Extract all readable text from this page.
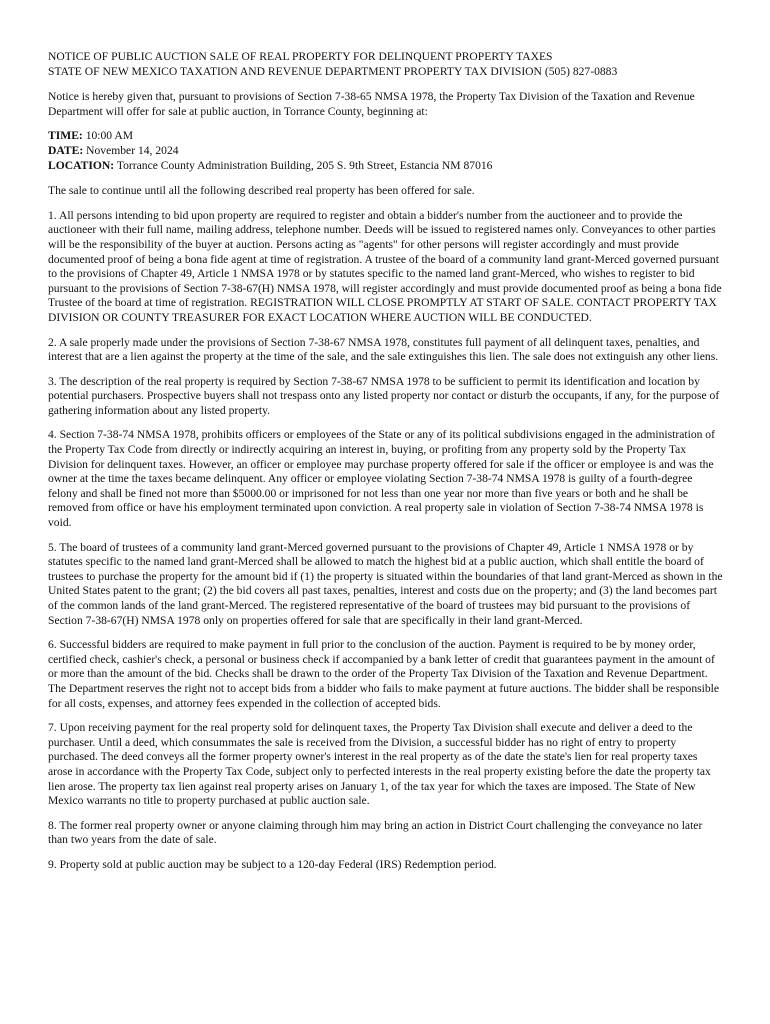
NOTICE OF PUBLIC AUCTION SALE OF REAL PROPERTY FOR DELINQUENT PROPERTY TAXES
STATE OF NEW MEXICO TAXATION AND REVENUE DEPARTMENT PROPERTY TAX DIVISION (505) 827-0883

Notice is hereby given that, pursuant to provisions of Section 7-38-65 NMSA 1978, the Property Tax Division of the Taxation and Revenue Department will offer for sale at public auction, in Torrance County, beginning at:

TIME: 10:00 AM
DATE: November 14, 2024
LOCATION: Torrance County Administration Building, 205 S. 9th Street, Estancia NM 87016

The sale to continue until all the following described real property has been offered for sale.

1. All persons intending to bid upon property are required to register and obtain a bidder's number from the auctioneer and to provide the auctioneer with their full name, mailing address, telephone number. Deeds will be issued to registered names only. Conveyances to other parties will be the responsibility of the buyer at auction. Persons acting as "agents" for other persons will register accordingly and must provide documented proof of being a bona fide agent at time of registration. A trustee of the board of a community land grant-Merced governed pursuant to the provisions of Chapter 49, Article 1 NMSA 1978 or by statutes specific to the named land grant-Merced, who wishes to register to bid pursuant to the provisions of Section 7-38-67(H) NMSA 1978, will register accordingly and must provide documented proof as being a bona fide Trustee of the board at time of registration. REGISTRATION WILL CLOSE PROMPTLY AT START OF SALE. CONTACT PROPERTY TAX DIVISION OR COUNTY TREASURER FOR EXACT LOCATION WHERE AUCTION WILL BE CONDUCTED.

2. A sale properly made under the provisions of Section 7-38-67 NMSA 1978, constitutes full payment of all delinquent taxes, penalties, and interest that are a lien against the property at the time of the sale, and the sale extinguishes this lien. The sale does not extinguish any other liens.

3. The description of the real property is required by Section 7-38-67 NMSA 1978 to be sufficient to permit its identification and location by potential purchasers. Prospective buyers shall not trespass onto any listed property nor contact or disturb the occupants, if any, for the purpose of gathering information about any listed property.

4. Section 7-38-74 NMSA 1978, prohibits officers or employees of the State or any of its political subdivisions engaged in the administration of the Property Tax Code from directly or indirectly acquiring an interest in, buying, or profiting from any property sold by the Property Tax Division for delinquent taxes. However, an officer or employee may purchase property offered for sale if the officer or employee is and was the owner at the time the taxes became delinquent. Any officer or employee violating Section 7-38-74 NMSA 1978 is guilty of a fourth-degree felony and shall be fined not more than $5000.00 or imprisoned for not less than one year nor more than five years or both and he shall be removed from office or have his employment terminated upon conviction. A real property sale in violation of Section 7-38-74 NMSA 1978 is void.

5. The board of trustees of a community land grant-Merced governed pursuant to the provisions of Chapter 49, Article 1 NMSA 1978 or by statutes specific to the named land grant-Merced shall be allowed to match the highest bid at a public auction, which shall entitle the board of trustees to purchase the property for the amount bid if (1) the property is situated within the boundaries of that land grant-Merced as shown in the United States patent to the grant; (2) the bid covers all past taxes, penalties, interest and costs due on the property; and (3) the land becomes part of the common lands of the land grant-Merced. The registered representative of the board of trustees may bid pursuant to the provisions of Section 7-38-67(H) NMSA 1978 only on properties offered for sale that are specifically in their land grant-Merced.

6. Successful bidders are required to make payment in full prior to the conclusion of the auction. Payment is required to be by money order, certified check, cashier's check, a personal or business check if accompanied by a bank letter of credit that guarantees payment in the amount of or more than the amount of the bid. Checks shall be drawn to the order of the Property Tax Division of the Taxation and Revenue Department. The Department reserves the right not to accept bids from a bidder who fails to make payment at future auctions. The bidder shall be responsible for all costs, expenses, and attorney fees expended in the collection of accepted bids.

7. Upon receiving payment for the real property sold for delinquent taxes, the Property Tax Division shall execute and deliver a deed to the purchaser. Until a deed, which consummates the sale is received from the Division, a successful bidder has no right of entry to property purchased. The deed conveys all the former property owner's interest in the real property as of the date the state's lien for real property taxes arose in accordance with the Property Tax Code, subject only to perfected interests in the real property existing before the date the property tax lien arose. The property tax lien against real property arises on January 1, of the tax year for which the taxes are imposed. The State of New Mexico warrants no title to property purchased at public auction sale.

8. The former real property owner or anyone claiming through him may bring an action in District Court challenging the conveyance no later than two years from the date of sale.

9. Property sold at public auction may be subject to a 120-day Federal (IRS) Redemption period.
